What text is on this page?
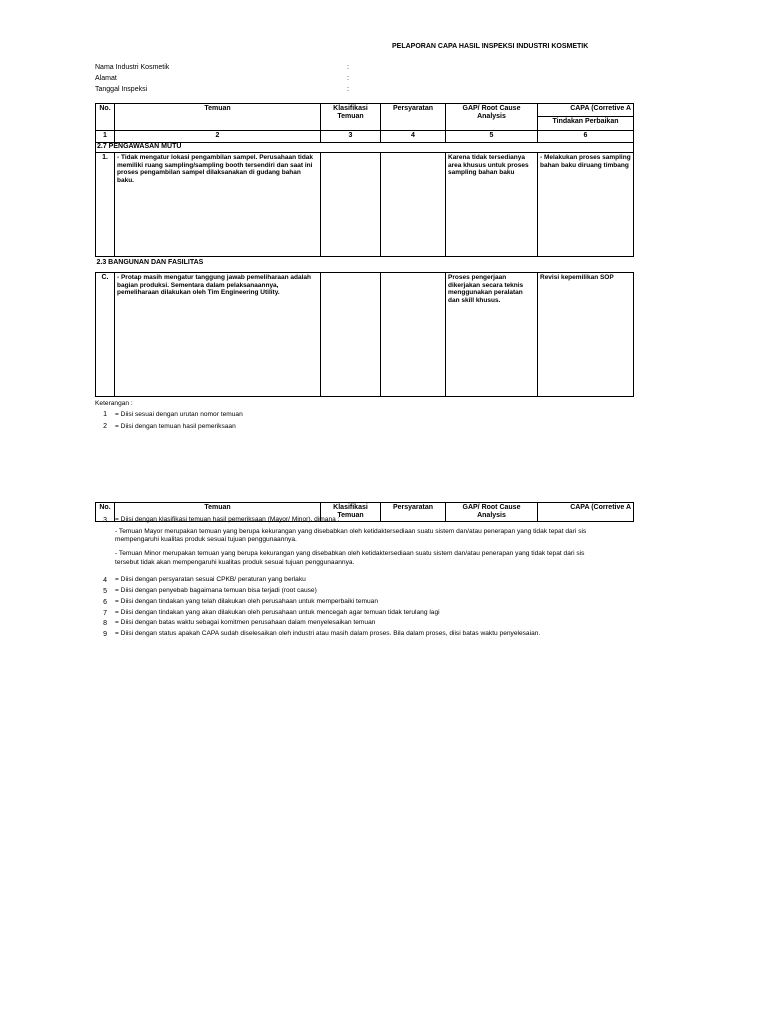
PELAPORAN CAPA HASIL INSPEKSI INDUSTRI KOSMETIK
Nama Industri Kosmetik	:
Alamat	:
Tanggal Inspeksi	:
No.	Temuan	Klasifikasi Temuan	Persyaratan	GAP/ Root Cause Analysis	CAPA (Corretive A
					Tindakan Perbaikan
1	2	3	4	5	6
2.7 PENGAWASAN MUTU					
1.	- Tidak mengatur lokasi pengambilan sampel. Perusahaan tidak memiliki ruang sampling/sampling booth tersendiri dan saat ini proses pengambilan sampel dilaksanakan di gudang bahan baku.			Karena tidak tersedianya area khusus untuk proses sampling bahan baku	- Melakukan proses sampling bahan baku diruang timbang
2.3 BANGUNAN DAN FASILITAS					
C.	- Protap masih mengatur tanggung jawab pemeliharaan adalah bagian produksi. Sementara dalam pelaksanaannya, pemeliharaan dilakukan oleh Tim Engineering Utility.			Proses pengerjaan dikerjakan secara teknis menggunakan peralatan dan skill khusus.	Revisi kepemilikan SOP
Keterangan :
1 = Diisi sesuai dengan urutan nomor temuan
2 = Diisi dengan temuan hasil pemeriksaan
No.	Temuan	Klasifikasi Temuan	Persyaratan	GAP/ Root Cause Analysis	CAPA (Corretive A
3 = Diisi dengan klasifikasi temuan hasil pemeriksaan (Mayor/ Minor), dimana :
- Temuan Mayor merupakan temuan yang berupa kekurangan yang disebabkan oleh ketidaktersediaan suatu sistem dan/atau penerapan yang tidak tepat dari sis
mempengaruhi kualitas produk sesuai tujuan penggunaannya.
- Temuan Minor merupakan temuan yang berupa kekurangan yang disebabkan oleh ketidaktersediaan suatu sistem dan/atau penerapan yang tidak tepat dari sis
tersebut tidak akan mempengaruhi kualitas produk sesuai tujuan penggunaannya.
4 = Diisi dengan persyaratan sesuai CPKB/ peraturan yang berlaku
5 = Diisi dengan penyebab bagaimana temuan bisa terjadi (root cause)
6 = Diisi dengan tindakan yang telah dilakukan oleh perusahaan untuk memperbaiki temuan
7 = Diisi dengan tindakan yang akan dilakukan oleh perusahaan untuk mencegah agar temuan tidak terulang lagi
8 = Diisi dengan batas waktu sebagai komitmen perusahaan dalam menyelesaikan temuan
9 = Diisi dengan status apakah CAPA sudah diselesaikan oleh industri atau masih dalam proses. Bila dalam proses, diisi batas waktu penyelesaian.
